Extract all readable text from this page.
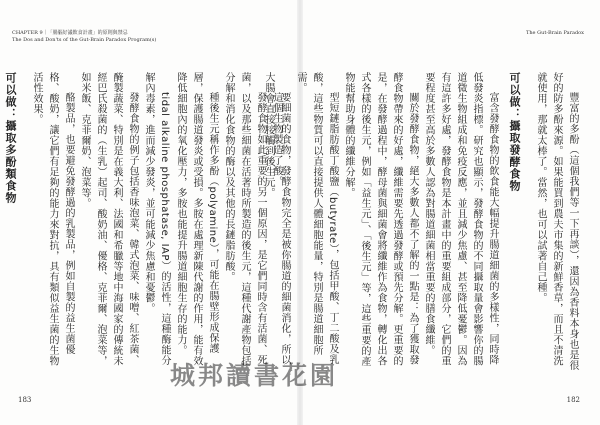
CHAPTER 9｜「腸腦好議飲食計畫」的原則與禁忌
The Dos and Don'ts of the Gut-Brain Paradox Program(s)

這個生物製造了酸。

發酵食物如此重要的另一個原因，是它們同時含有活菌、死菌，以及那些細菌在活著時所製造的後生元，這種代謝產物包括分解和消化食物的酶以及其他的長鏈脂肪酸。

種後生元稱作多酚（polyamine），可能在腸壁形成保護層，保護腸道發炎或受損。多胺在處理新陳代謝的作用，能有效降低細胞內的氧化壓力，多胺也能提升腸道細胞生存的能力。

tidal alkaline phosphatase, IAP）的活性，這種酶能分解內毒素，進而減少發炎，並可能減少焦慮和憂鬱。

發酵食物的例子包括香味泡菜、韓式泡菜、味噌、紅茶菌、醃製蔬菜、特別是在義大利、法國和希臘等地中海國家的傳統未經巴氏殺菌的（生乳）起司、酸奶油、優格、克菲爾、泡菜等，如米飯、克菲爾奶、泡菜等。

酪製品，也要避免發酵過的乳製品，例如自製的益生菌優格、酸奶，讓它們有足夠的能力來對抗，具有類似益生菌的生物活性效果。

可以做：攝取多酚類食物

183
The Gut-Brain Paradox

豐富的多酚（這個我們等一下再談），還因為香料本身也是很好的防多酚來源。如果能買到農夫市集的新鮮香草，而且不清洗就使用，那就太棒了。當然，也可以試著自己種。

可以做：攝取發酵食物

富含發酵食物的飲食能大幅提升腸道細菌的多樣性，同時降低發炎指標。研究也顯示，發酵食物的不同攝取量會影響你的腸道微生物組成和免疫反應，並且減少焦慮、甚至降低憂鬱。因為有這許多好處，發酵食物是本計畫中的重要組成部分，它們的重要程度甚至高於多數人認為對腸道細菌相當重要的膳食纖維。

關於發酵食物，絕大多數人都不了解的一點是：為了獲取發酵食物帶來的好處，纖維需要先透過發酵或預先分解。更重要的是，在發酵過程中，酵母菌與細菌會將纖維作為食物，轉化出各式各樣的後生元，例如「益生元」、「後生元」等，這些重要的產物能幫助身體的纖維分解。

型短鏈脂肪酸丁酸鹽（butyrate），包括甲酸、丁二酸及乳酸，這些物質可以直接提供人體細胞能量，特別是腸道細胞所需。

要細菌的食物，發酵食物完全是被你腸道的細菌消化，所以大腸會直接接觸到後生元。

182
城邦讀書花園
